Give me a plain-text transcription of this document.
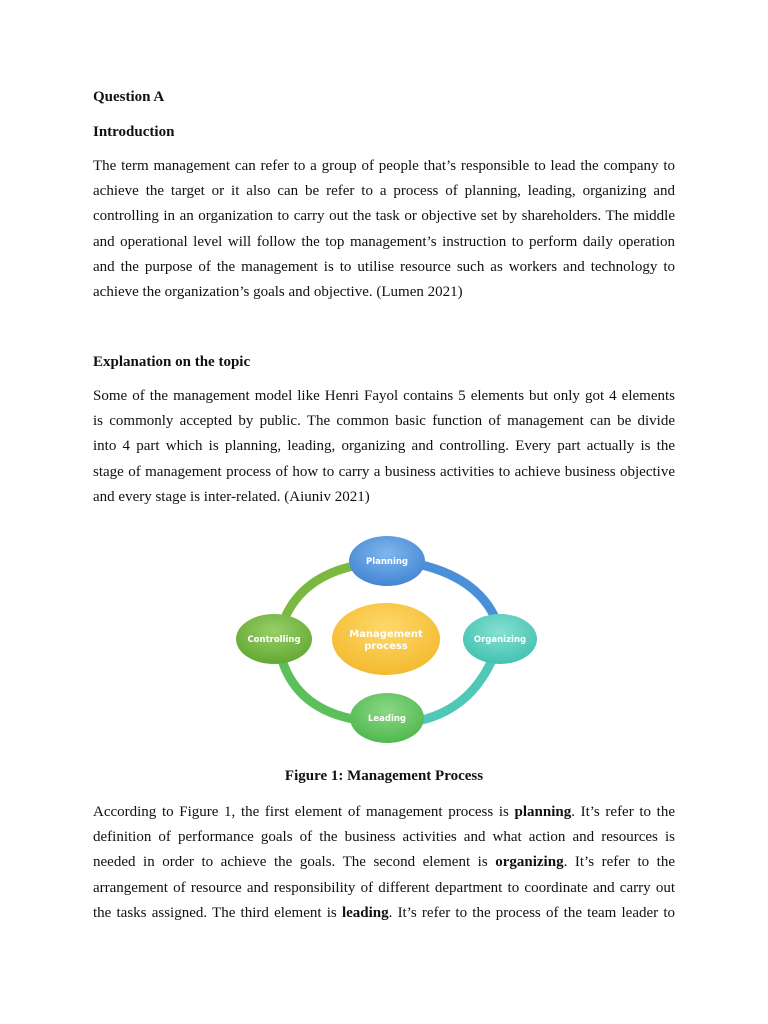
Question A

Introduction

The term management can refer to a group of people that’s responsible to lead the company to
achieve the target or it also can be refer to a process of planning, leading, organizing and
controlling in an organization to carry out the task or objective set by shareholders. The middle
and operational level will follow the top management’s instruction to perform daily operation
and the purpose of the management is to utilise resource such as workers and technology to
achieve the organization’s goals and objective. (Lumen 2021)

Explanation on the topic

Some of the management model like Henri Fayol contains 5 elements but only got 4 elements
is commonly accepted by public. The common basic function of management can be divide
into 4 part which is planning, leading, organizing and controlling. Every part actually is the
stage of management process of how to carry a business activities to achieve business objective
and every stage is inter-related. (Aiuniv 2021)
Management
process
Planning
Organizing
Leading
Controlling
Figure 1: Management Process
According to Figure 1, the first element of management process is planning. It’s refer to the
definition of performance goals of the business activities and what action and resources is
needed in order to achieve the goals. The second element is organizing. It’s refer to the
arrangement of resource and responsibility of different department to coordinate and carry out
the tasks assigned. The third element is leading. It’s refer to the process of the team leader to
